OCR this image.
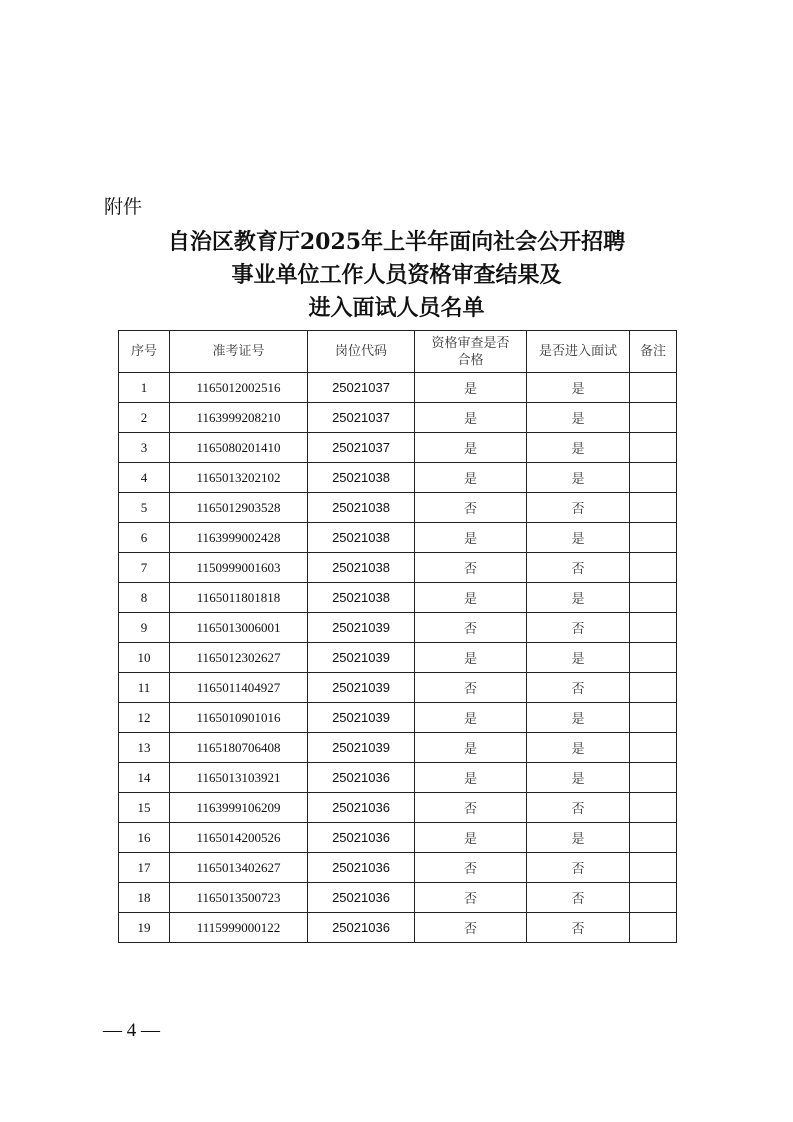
附件
自治区教育厅2025年上半年面向社会公开招聘
事业单位工作人员资格审查结果及
进入面试人员名单
序号	准考证号	岗位代码	资格审查是否
合格	是否进入面试	备注
1	1165012002516	25021037	是	是	
2	1163999208210	25021037	是	是	
3	1165080201410	25021037	是	是	
4	1165013202102	25021038	是	是	
5	1165012903528	25021038	否	否	
6	1163999002428	25021038	是	是	
7	1150999001603	25021038	否	否	
8	1165011801818	25021038	是	是	
9	1165013006001	25021039	否	否	
10	1165012302627	25021039	是	是	
11	1165011404927	25021039	否	否	
12	1165010901016	25021039	是	是	
13	1165180706408	25021039	是	是	
14	1165013103921	25021036	是	是	
15	1163999106209	25021036	否	否	
16	1165014200526	25021036	是	是	
17	1165013402627	25021036	否	否	
18	1165013500723	25021036	否	否	
19	1115999000122	25021036	否	否	
— 4 —
